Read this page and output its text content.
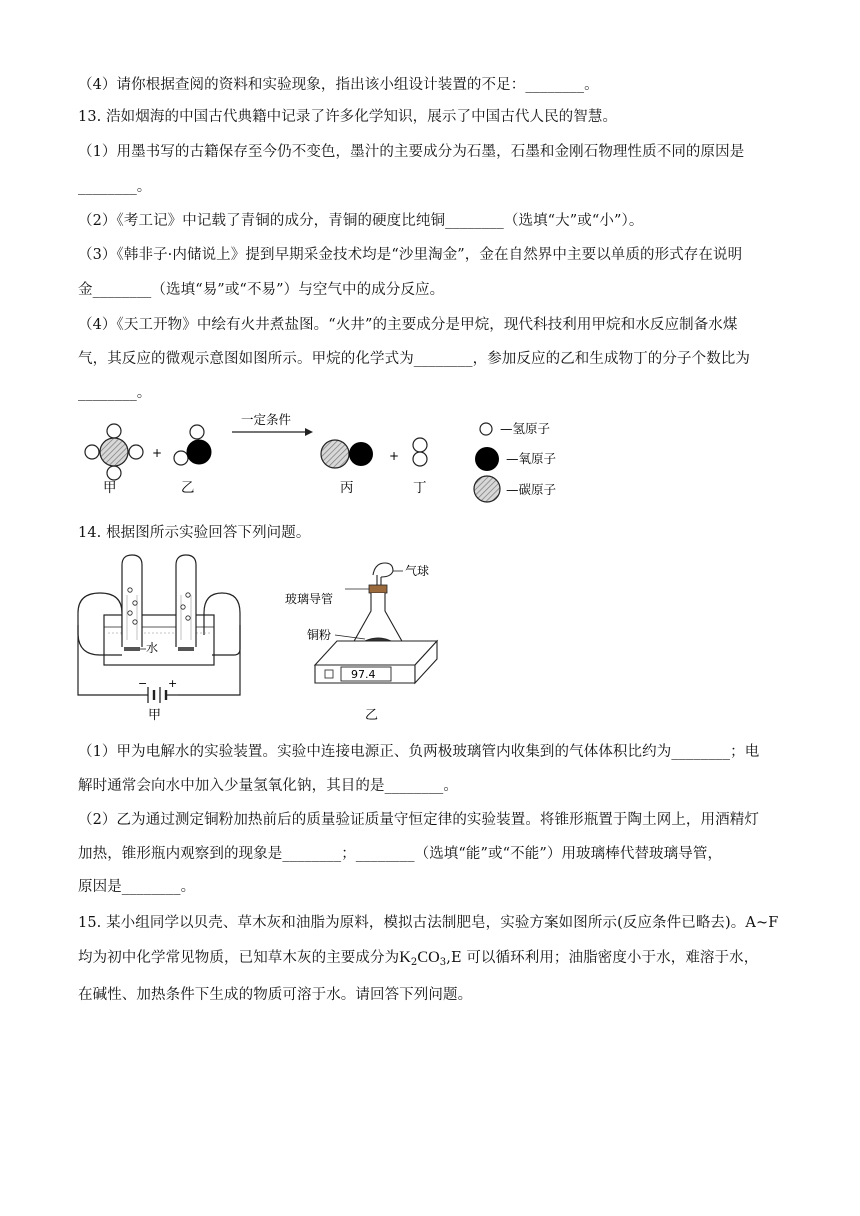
（4）请你根据查阅的资料和实验现象，指出该小组设计装置的不足：________。
13. 浩如烟海的中国古代典籍中记录了许多化学知识，展示了中国古代人民的智慧。
（1）用墨书写的古籍保存至今仍不变色，墨汁的主要成分为石墨，石墨和金刚石物理性质不同的原因是
________。
（2）《考工记》中记载了青铜的成分，青铜的硬度比纯铜________（选填“大”或“小”）。
（3）《韩非子·内储说上》提到早期采金技术均是“沙里淘金”，金在自然界中主要以单质的形式存在说明
金________（选填“易”或“不易”）与空气中的成分反应。
（4）《天工开物》中绘有火井煮盐图。“火井”的主要成分是甲烷，现代科技利用甲烷和水反应制备水煤
气，其反应的微观示意图如图所示。甲烷的化学式为________，参加反应的乙和生成物丁的分子个数比为
________。
+
一定条件
+
甲	乙	丙	丁
—氢原子
—氧原子
—碳原子
14. 根据图所示实验回答下列问题。
− +
水
甲
气球
玻璃导管
铜粉
97.4
乙
（1）甲为电解水的实验装置。实验中连接电源正、负两极玻璃管内收集到的气体体积比约为________；电
解时通常会向水中加入少量氢氧化钠，其目的是________。
（2）乙为通过测定铜粉加热前后的质量验证质量守恒定律的实验装置。将锥形瓶置于陶土网上，用酒精灯
加热，锥形瓶内观察到的现象是________；________（选填“能”或“不能”）用玻璃棒代替玻璃导管，
原因是________。
15. 某小组同学以贝壳、草木灰和油脂为原料，模拟古法制肥皂，实验方案如图所示(反应条件已略去)。A~F
均为初中化学常见物质，已知草木灰的主要成分为$K_2CO_3,E$ 可以循环利用；油脂密度小于水，难溶于水，
在碱性、加热条件下生成的物质可溶于水。请回答下列问题。
